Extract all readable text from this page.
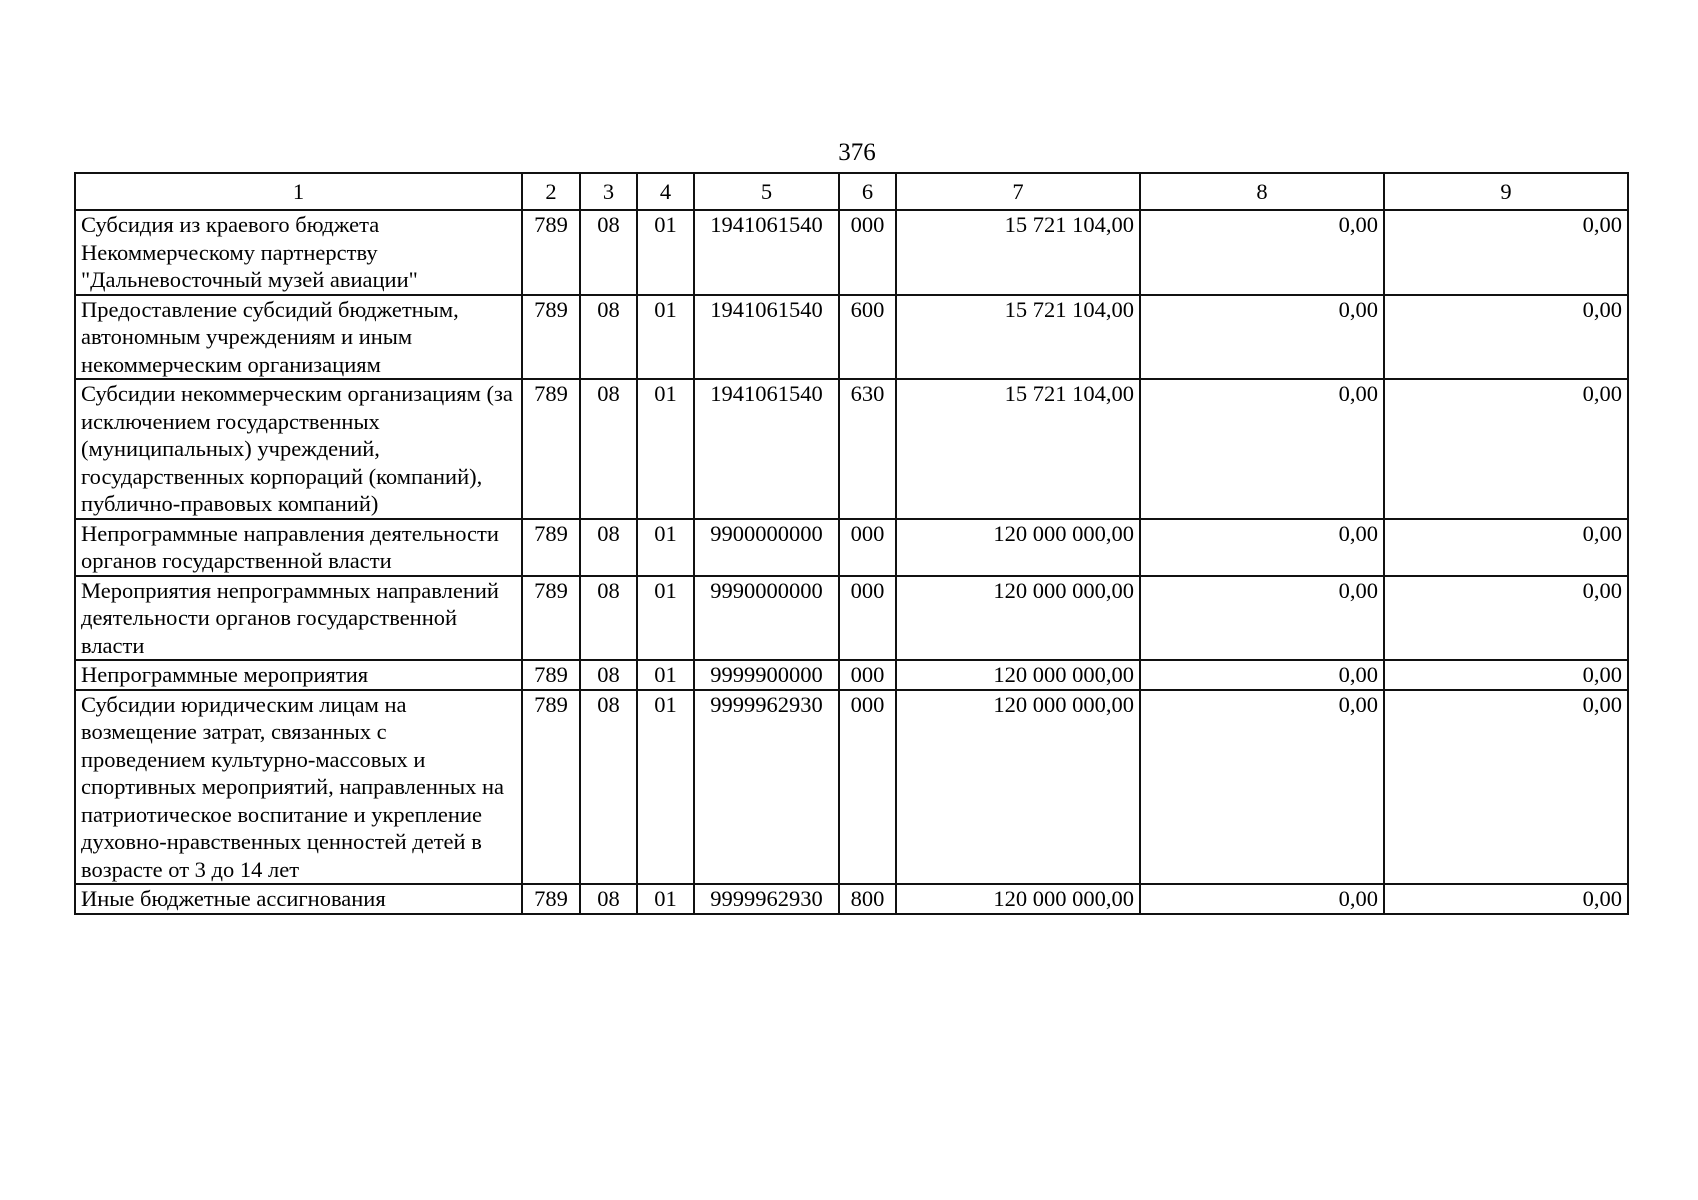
376
1	2	3	4	5	6	7	8	9
Субсидия из краевого бюджета Некоммерческому партнерству "Дальневосточный музей авиации"	789	08	01	1941061540	000	15 721 104,00	0,00	0,00
Предоставление субсидий бюджетным, автономным учреждениям и иным некоммерческим организациям	789	08	01	1941061540	600	15 721 104,00	0,00	0,00
Субсидии некоммерческим организациям (за исключением государственных (муниципальных) учреждений, государственных корпораций (компаний), публично-правовых компаний)	789	08	01	1941061540	630	15 721 104,00	0,00	0,00
Непрограммные направления деятельности органов государственной власти	789	08	01	9900000000	000	120 000 000,00	0,00	0,00
Мероприятия непрограммных направлений деятельности органов государственной власти	789	08	01	9990000000	000	120 000 000,00	0,00	0,00
Непрограммные мероприятия	789	08	01	9999900000	000	120 000 000,00	0,00	0,00
Субсидии юридическим лицам на возмещение затрат, связанных с проведением культурно-массовых и спортивных мероприятий, направленных на патриотическое воспитание и укрепление духовно-нравственных ценностей детей в возрасте от 3 до 14 лет	789	08	01	9999962930	000	120 000 000,00	0,00	0,00
Иные бюджетные ассигнования	789	08	01	9999962930	800	120 000 000,00	0,00	0,00
